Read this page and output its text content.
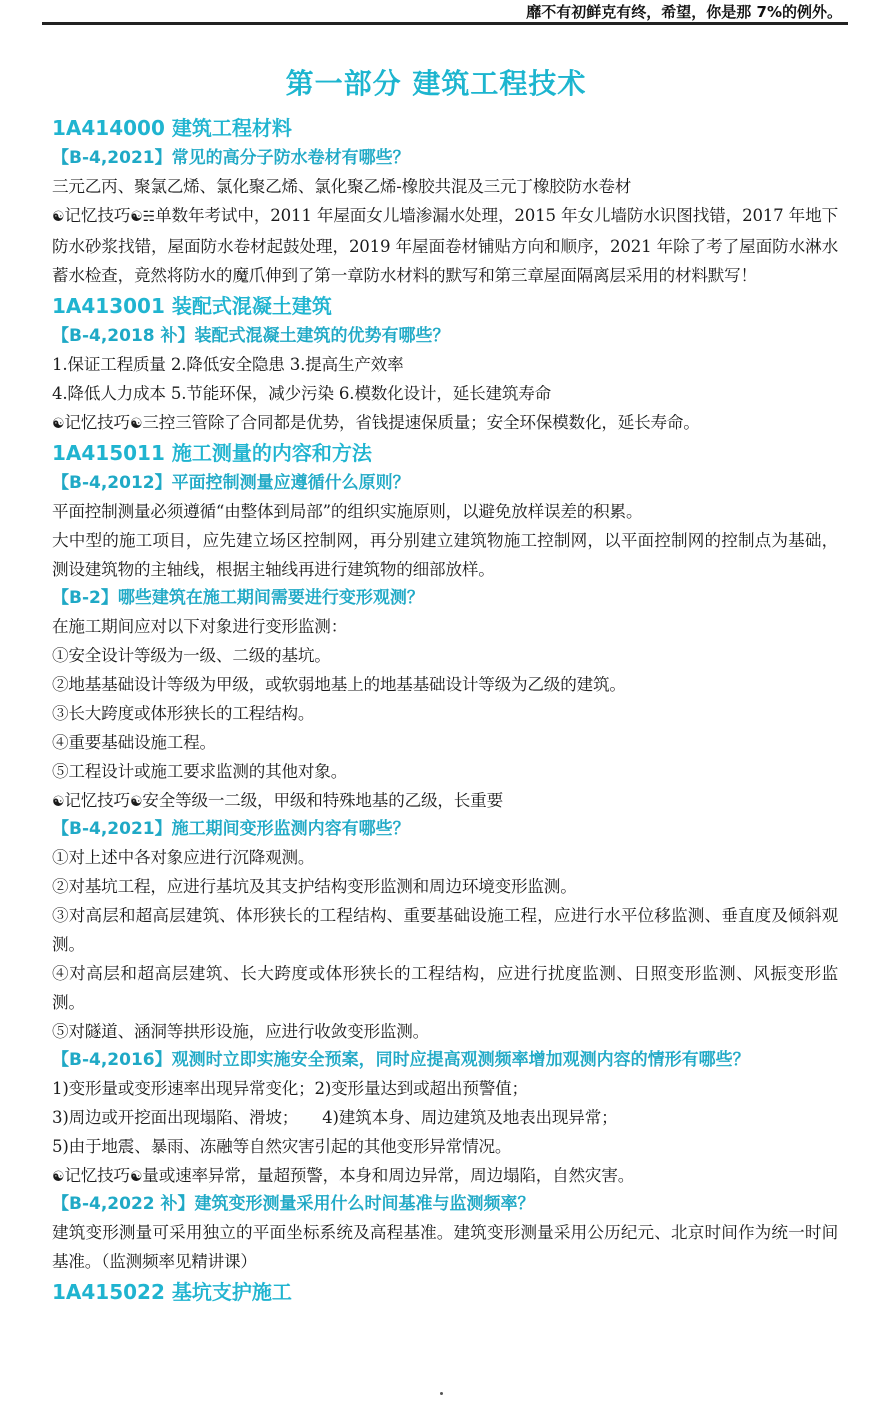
靡不有初鲜克有终，希望，你是那 7%的例外。
第一部分 建筑工程技术
1A414000 建筑工程材料
【B-4,2021】常见的高分子防水卷材有哪些？
三元乙丙、聚氯乙烯、氯化聚乙烯、氯化聚乙烯-橡胶共混及三元丁橡胶防水卷材
☯记忆技巧☯☵单数年考试中，2011 年屋面女儿墙渗漏水处理，2015 年女儿墙防水识图找错，2017 年地下防水砂浆找错，屋面防水卷材起鼓处理，2019 年屋面卷材铺贴方向和顺序，2021 年除了考了屋面防水淋水蓄水检查，竟然将防水的魔爪伸到了第一章防水材料的默写和第三章屋面隔离层采用的材料默写！
1A413001 装配式混凝土建筑
【B-4,2018 补】装配式混凝土建筑的优势有哪些？
1.保证工程质量 2.降低安全隐患 3.提高生产效率
4.降低人力成本 5.节能环保，减少污染 6.模数化设计，延长建筑寿命
☯记忆技巧☯三控三管除了合同都是优势，省钱提速保质量；安全环保模数化，延长寿命。
1A415011 施工测量的内容和方法
【B-4,2012】平面控制测量应遵循什么原则？
平面控制测量必须遵循“由整体到局部”的组织实施原则，以避免放样误差的积累。
大中型的施工项目，应先建立场区控制网，再分别建立建筑物施工控制网，以平面控制网的控制点为基础，测设建筑物的主轴线，根据主轴线再进行建筑物的细部放样。
【B-2】哪些建筑在施工期间需要进行变形观测？
在施工期间应对以下对象进行变形监测：
①安全设计等级为一级、二级的基坑。
②地基基础设计等级为甲级，或软弱地基上的地基基础设计等级为乙级的建筑。
③长大跨度或体形狭长的工程结构。
④重要基础设施工程。
⑤工程设计或施工要求监测的其他对象。
☯记忆技巧☯安全等级一二级，甲级和特殊地基的乙级，长重要
【B-4,2021】施工期间变形监测内容有哪些？
①对上述中各对象应进行沉降观测。
②对基坑工程，应进行基坑及其支护结构变形监测和周边环境变形监测。
③对高层和超高层建筑、体形狭长的工程结构、重要基础设施工程，应进行水平位移监测、垂直度及倾斜观测。
④对高层和超高层建筑、长大跨度或体形狭长的工程结构，应进行扰度监测、日照变形监测、风振变形监测。
⑤对隧道、涵洞等拱形设施，应进行收敛变形监测。
【B-4,2016】观测时立即实施安全预案，同时应提高观测频率增加观测内容的情形有哪些？
1)变形量或变形速率出现异常变化；2)变形量达到或超出预警值；
3)周边或开挖面出现塌陷、滑坡； 4)建筑本身、周边建筑及地表出现异常；
5)由于地震、暴雨、冻融等自然灾害引起的其他变形异常情况。
☯记忆技巧☯量或速率异常，量超预警，本身和周边异常，周边塌陷，自然灾害。
【B-4,2022 补】建筑变形测量采用什么时间基准与监测频率？
建筑变形测量可采用独立的平面坐标系统及高程基准。建筑变形测量采用公历纪元、北京时间作为统一时间基准。（监测频率见精讲课）
1A415022 基坑支护施工
